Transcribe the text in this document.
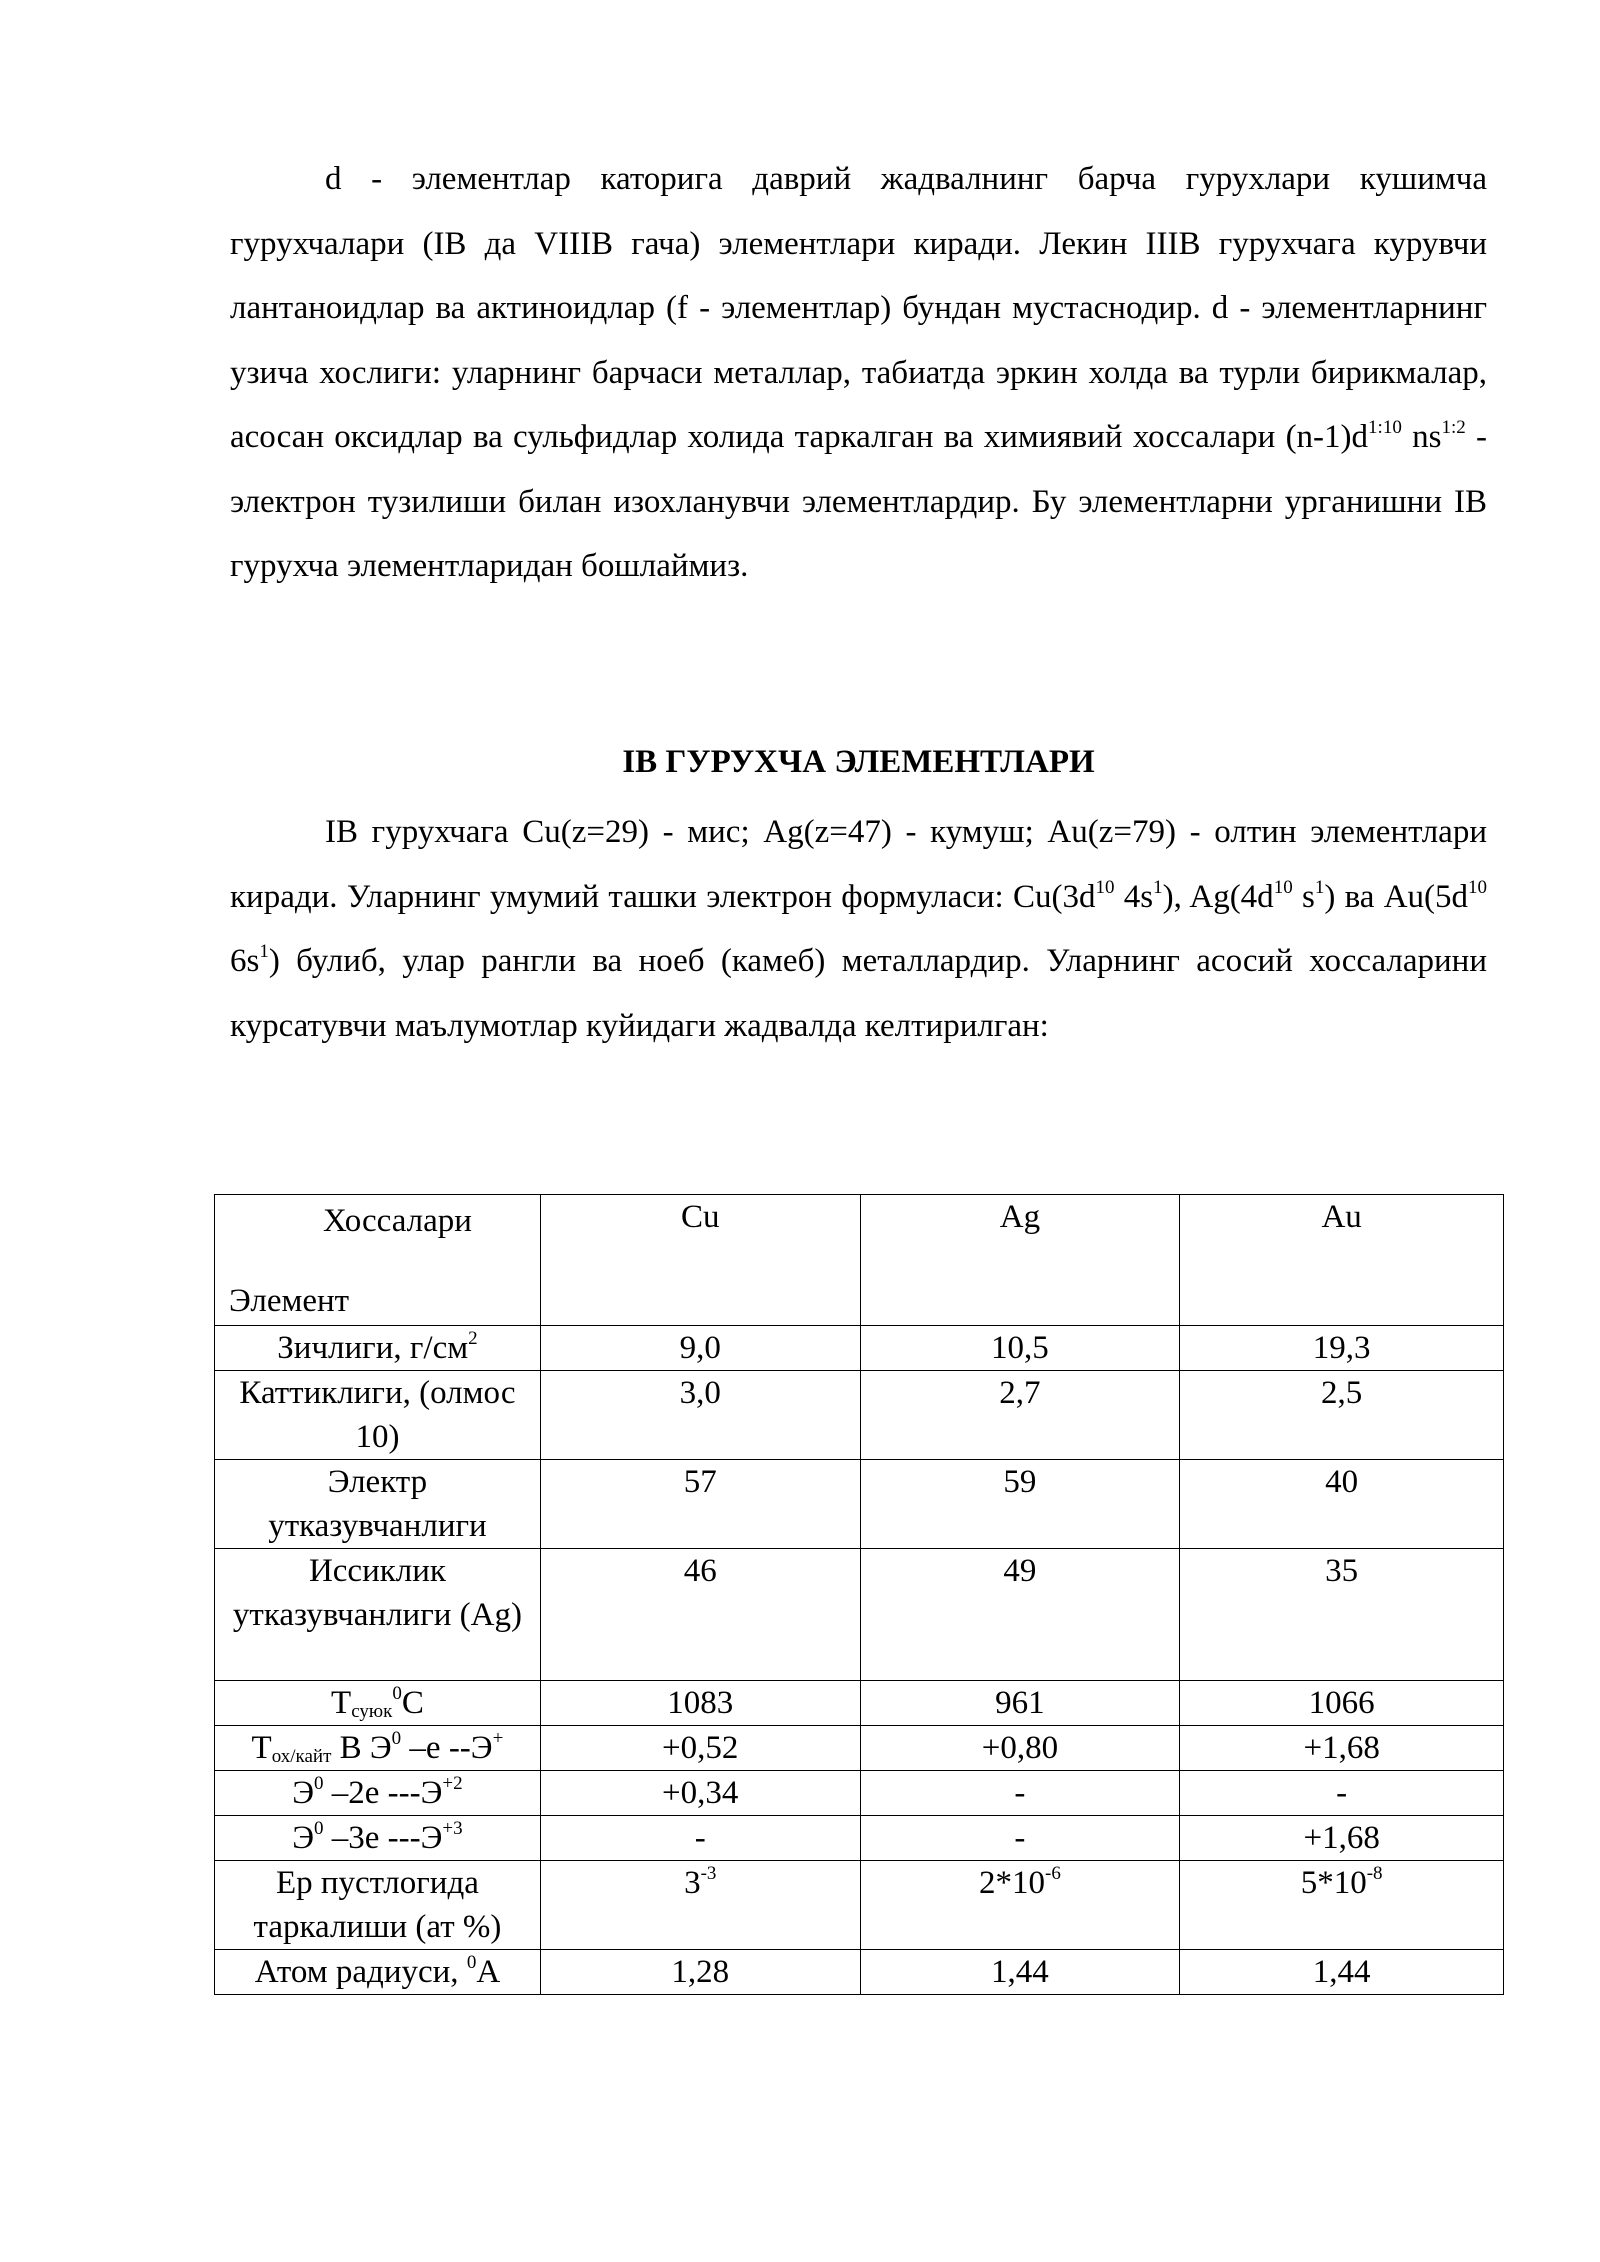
d - элементлар каторига даврий жадвалнинг барча гурухлари кушимча гурухчалари (IB да VIIIB гача) элементлари киради. Лекин IIIB гурухчага курувчи лантаноидлар ва актиноидлар (f - элементлар) бундан мустаснодир. d - элементларнинг узича хослиги: уларнинг барчаси металлар, табиатда эркин холда ва турли бирикмалар, асосан оксидлар ва сульфидлар холида таркалган ва химиявий хоссалари $(n-1)d^{1:10}$ $ns^{1:2}$ - электрон тузилиши билан изохланувчи элементлардир. Бу элементларни урганишни IB гурухча элементларидан бошлаймиз.

IB ГУРУХЧА ЭЛЕМЕНТЛАРИ

IB гурухчага Cu(z=29) - мис; Ag(z=47) - кумуш; Au(z=79) - олтин элементлари киради. Уларнинг умумий ташки электрон формуласи: $Cu(3d^{10}$ $4s^1$), $Ag(4d^{10}$ $s^1$) ва $Au(5d^{10}$ $6s^1$) булиб, улар рангли ва ноеб (камеб) металлардир. Уларнинг асосий хоссаларини курсатувчи маълумотлар куйидаги жадвалда келтирилган:

Хоссалари
Элемент	Cu	Ag	Au
Зичлиги, $г/см^2$	9,0	10,5	19,3
Каттиклиги, (олмос 10)	3,0	2,7	2,5
Электр утказувчанлиги	57	59	40
Иссиклик утказувчанлиги (Ag)	46	49	35
$Т_{суюк}^0С$	1083	961	1066
$Т_{ох/кайт}$ В $Э^0$ –е --Э+	+0,52	+0,80	+1,68
$Э^0$ –2е $---Э^{+2}$	+0,34	-	-
$Э^0$ –3е $---Э^{+3}$	-	-	+1,68
Ер пустлогида таркалиши (ат %)	$3^{-3}$	$2*10^{-6}$	$5*10^{-8}$
Атом радиуси, $^0$А	1,28	1,44	1,44
